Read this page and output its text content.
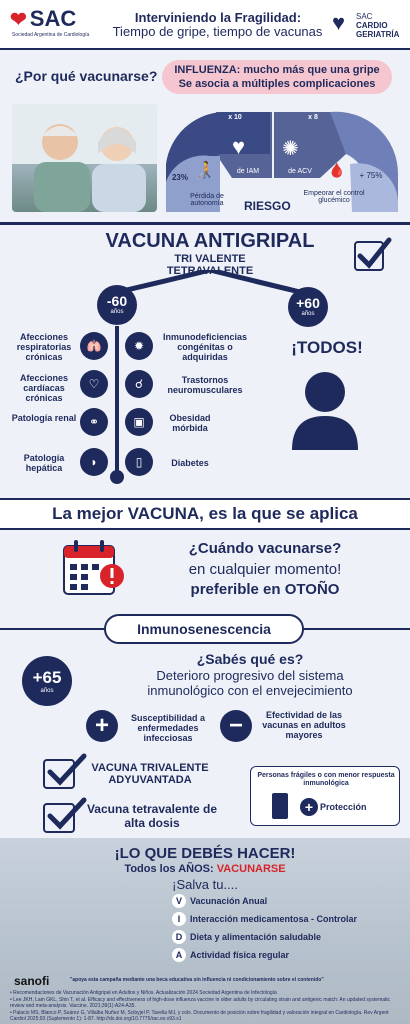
❤ SAC
Sociedad Argentina de Cardiología
Interviniendo la Fragilidad:
Tiempo de gripe, tiempo de vacunas ♥ SAC
CARDIO
GERIATRÍA
¿Por qué vacunarse?	INFLUENZA: mucho más que una gripe
Se asocia a múltiples complicaciones
23% 🧑‍🦯
Pérdida de autonomía
x 10
♥
de IAM
x 8
✺
de ACV	+ 75%
🩸
Empeorar el control glucémico
RIESGO
VACUNA ANTIGRIPAL
TRI VALENTE
TETRAVALENTE
-60
años
+60
años
Afecciones respiratorias crónicas
🫁
Afecciones cardíacas crónicas
♡
Patología renal	⚭
Patología hepática	◗
✹
Inmunodeficiencias congénitas o adquiridas
☌	Trastornos neuromusculares
▣	Obesidad mórbida
▯	Diabetes
¡TODOS!
La mejor VACUNA, es la que se aplica
¿Cuándo vacunarse?
en cualquier momento!
preferible en OTOÑO
Inmunosenescencia
+65
años
¿Sabés qué es?
Deterioro progresivo del sistema
inmunológico con el envejecimiento
+	Susceptibilidad a enfermedades infecciosas	−	Efectividad de las vacunas en adultos mayores
VACUNA TRIVALENTE ADYUVANTADA
Vacuna tetravalente de alta dosis
Personas frágiles o con menor respuesta inmunológica
+ Protección
¡LO QUE DEBÉS HACER!
Todos los AÑOS: VACUNARSE
¡Salva tu....
V Vacunación Anual
I	Interacción medicamentosa - Controlar
D Dieta y alimentación saludable
A Actividad física regular
sanofi	"apoya esta campaña mediante una beca educativa sin influencia ni condicionamiento sobre el contenido"
• Recomendaciones de Vacunación Antigripal en Adultos y Niños. Actualización 2024 Sociedad Argentina de Infectología
• Lee JKH, Lam GKL, Shin T, et al. Efficacy and effectiveness of high-dose influenza vaccine in older adults by circulating strain and antigenic match: An updated systematic review and meta-analysis. Vaccine. 2021;39(1):A24-A35.
• Palacio MS, Blanco P, Suárez G, Villalba Nuñez M, Scibyjel P, Tavella MJ, y cols. Documento de posición sobre fragilidad y valoración integral en Cardiología. Rev Argent Cardiol 2025;93 (Suplemento 1): 1-87. http://dx.doi.org/10.7775/rac.es.v93.s1
